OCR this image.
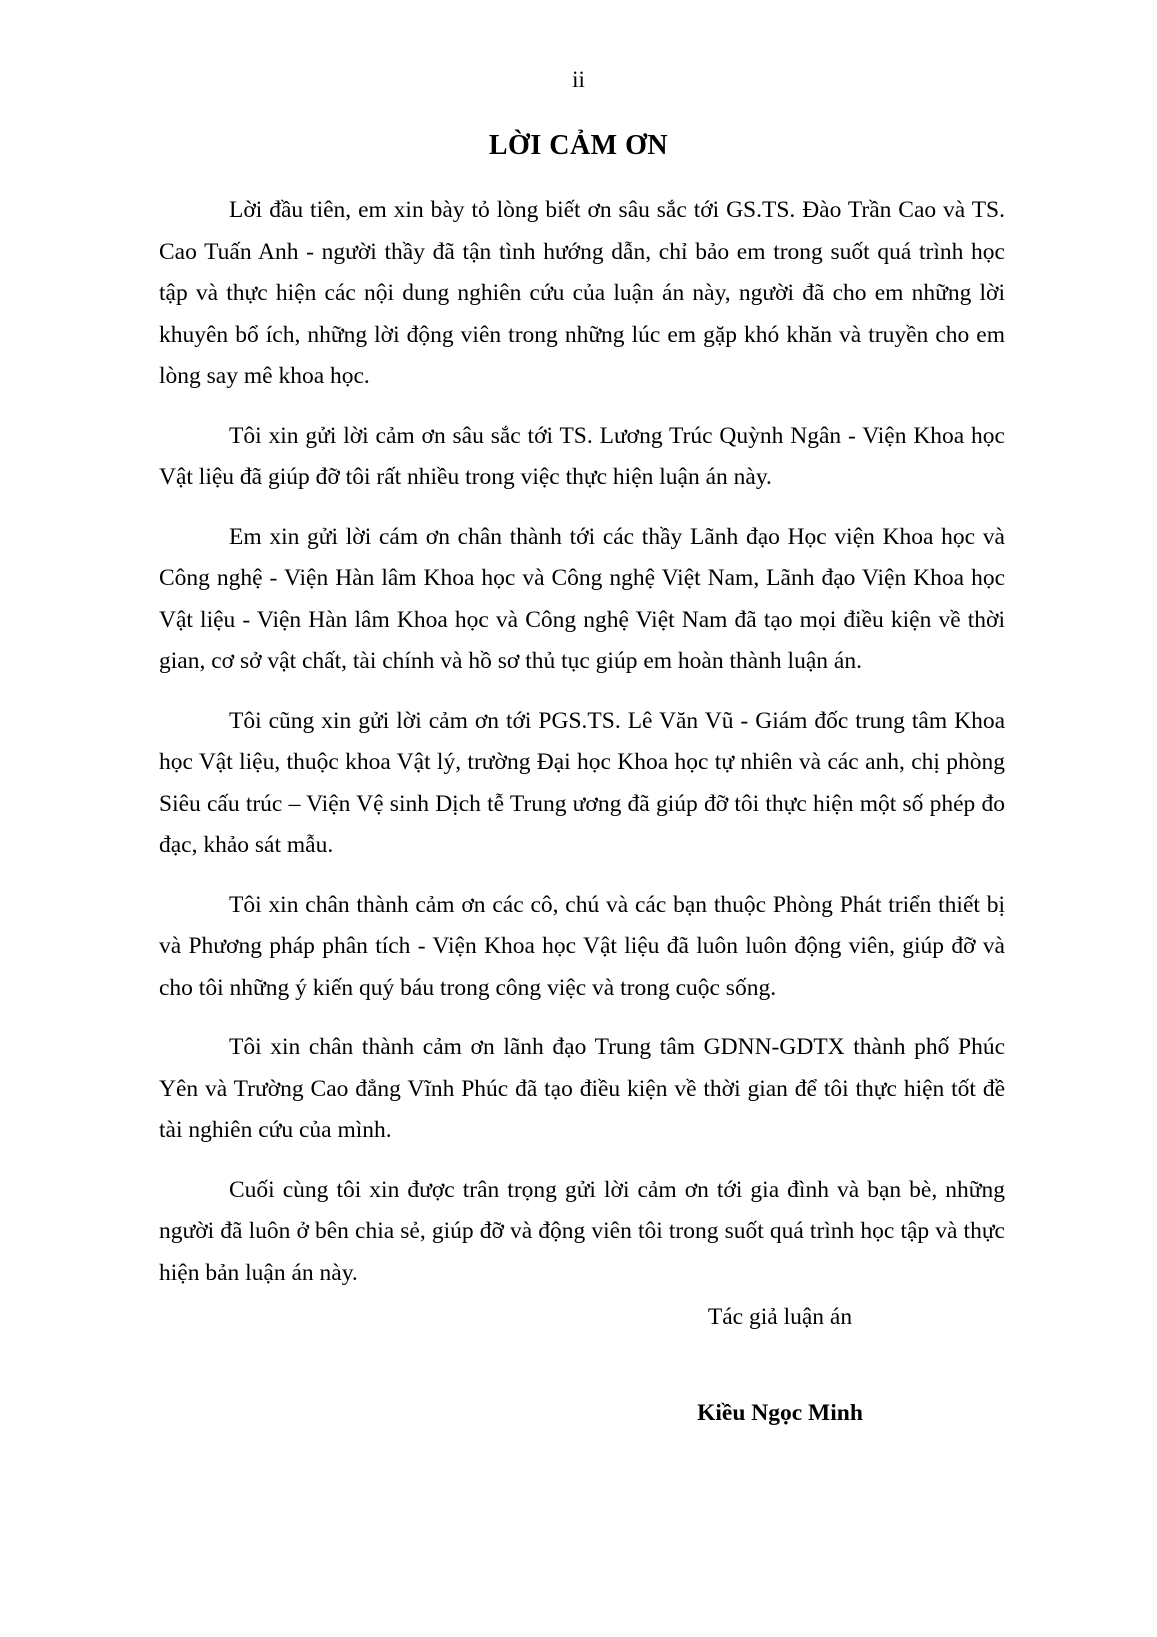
ii
LỜI CẢM ƠN

Lời đầu tiên, em xin bày tỏ lòng biết ơn sâu sắc tới GS.TS. Đào Trần Cao và TS. Cao Tuấn Anh - người thầy đã tận tình hướng dẫn, chỉ bảo em trong suốt quá trình học tập và thực hiện các nội dung nghiên cứu của luận án này, người đã cho em những lời khuyên bổ ích, những lời động viên trong những lúc em gặp khó khăn và truyền cho em lòng say mê khoa học.

Tôi xin gửi lời cảm ơn sâu sắc tới TS. Lương Trúc Quỳnh Ngân - Viện Khoa học Vật liệu đã giúp đỡ tôi rất nhiều trong việc thực hiện luận án này.

Em xin gửi lời cám ơn chân thành tới các thầy Lãnh đạo Học viện Khoa học và Công nghệ - Viện Hàn lâm Khoa học và Công nghệ Việt Nam, Lãnh đạo Viện Khoa học Vật liệu - Viện Hàn lâm Khoa học và Công nghệ Việt Nam đã tạo mọi điều kiện về thời gian, cơ sở vật chất, tài chính và hồ sơ thủ tục giúp em hoàn thành luận án.

Tôi cũng xin gửi lời cảm ơn tới PGS.TS. Lê Văn Vũ - Giám đốc trung tâm Khoa học Vật liệu, thuộc khoa Vật lý, trường Đại học Khoa học tự nhiên và các anh, chị phòng Siêu cấu trúc – Viện Vệ sinh Dịch tễ Trung ương đã giúp đỡ tôi thực hiện một số phép đo đạc, khảo sát mẫu.

Tôi xin chân thành cảm ơn các cô, chú và các bạn thuộc Phòng Phát triển thiết bị và Phương pháp phân tích - Viện Khoa học Vật liệu đã luôn luôn động viên, giúp đỡ và cho tôi những ý kiến quý báu trong công việc và trong cuộc sống.

Tôi xin chân thành cảm ơn lãnh đạo Trung tâm GDNN-GDTX thành phố Phúc Yên và Trường Cao đẳng Vĩnh Phúc đã tạo điều kiện về thời gian để tôi thực hiện tốt đề tài nghiên cứu của mình.

Cuối cùng tôi xin được trân trọng gửi lời cảm ơn tới gia đình và bạn bè, những người đã luôn ở bên chia sẻ, giúp đỡ và động viên tôi trong suốt quá trình học tập và thực hiện bản luận án này.

Tác giả luận án
Kiều Ngọc Minh
